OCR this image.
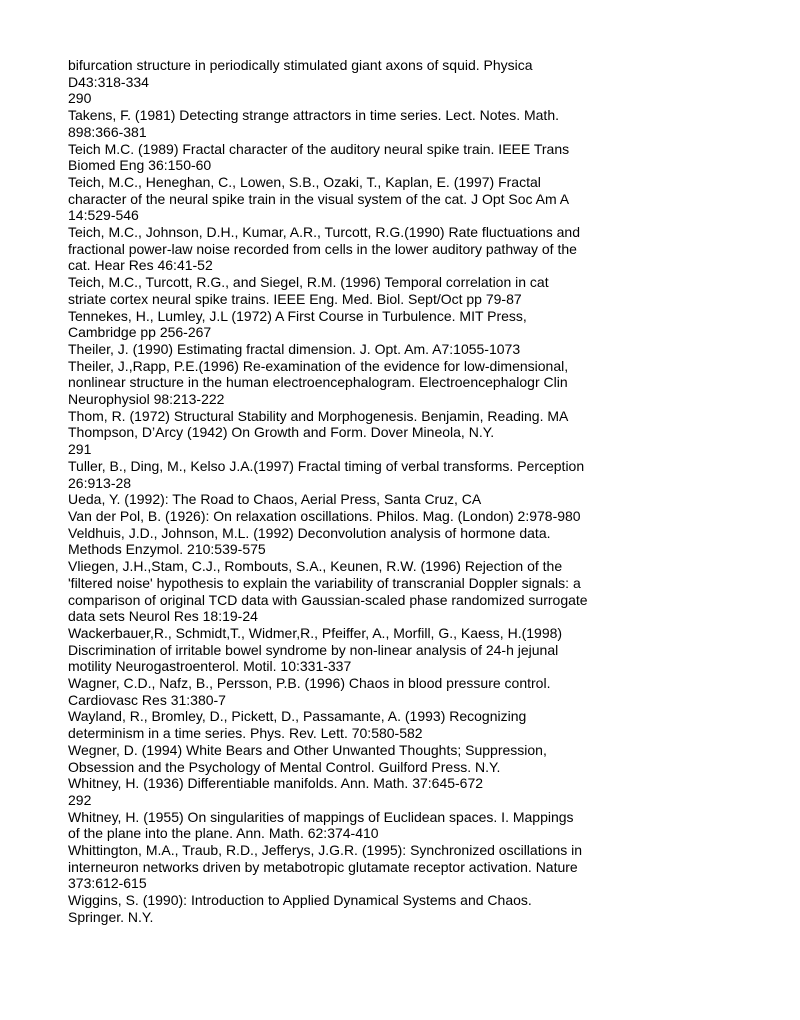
bifurcation structure in periodically stimulated giant axons of squid. Physica

D43:318-334

290

Takens, F. (1981) Detecting strange attractors in time series. Lect. Notes. Math.

898:366-381

Teich M.C. (1989) Fractal character of the auditory neural spike train. IEEE Trans

Biomed Eng 36:150-60

Teich, M.C., Heneghan, C., Lowen, S.B., Ozaki, T., Kaplan, E. (1997) Fractal

character of the neural spike train in the visual system of the cat. J Opt Soc Am A

14:529-546

Teich, M.C., Johnson, D.H., Kumar, A.R., Turcott, R.G.(1990) Rate fluctuations and

fractional power-law noise recorded from cells in the lower auditory pathway of the

cat. Hear Res 46:41-52

Teich, M.C., Turcott, R.G., and Siegel, R.M. (1996) Temporal correlation in cat

striate cortex neural spike trains. IEEE Eng. Med. Biol. Sept/Oct pp 79-87

Tennekes, H., Lumley, J.L (1972) A First Course in Turbulence. MIT Press,

Cambridge pp 256-267

Theiler, J. (1990) Estimating fractal dimension. J. Opt. Am. A7:1055-1073

Theiler, J.,Rapp, P.E.(1996) Re-examination of the evidence for low-dimensional,

nonlinear structure in the human electroencephalogram. Electroencephalogr Clin

Neurophysiol 98:213-222

Thom, R. (1972) Structural Stability and Morphogenesis. Benjamin, Reading. MA

Thompson, D’Arcy (1942) On Growth and Form. Dover Mineola, N.Y.

291

Tuller, B., Ding, M., Kelso J.A.(1997) Fractal timing of verbal transforms. Perception

26:913-28

Ueda, Y. (1992): The Road to Chaos, Aerial Press, Santa Cruz, CA

Van der Pol, B. (1926): On relaxation oscillations. Philos. Mag. (London) 2:978-980

Veldhuis, J.D., Johnson, M.L. (1992) Deconvolution analysis of hormone data.

Methods Enzymol. 210:539-575

Vliegen, J.H.,Stam, C.J., Rombouts, S.A., Keunen, R.W. (1996) Rejection of the

'filtered noise' hypothesis to explain the variability of transcranial Doppler signals: a

comparison of original TCD data with Gaussian-scaled phase randomized surrogate

data sets Neurol Res 18:19-24

Wackerbauer,R., Schmidt,T., Widmer,R., Pfeiffer, A., Morfill, G., Kaess, H.(1998)

Discrimination of irritable bowel syndrome by non-linear analysis of 24-h jejunal

motility Neurogastroenterol. Motil. 10:331-337

Wagner, C.D., Nafz, B., Persson, P.B. (1996) Chaos in blood pressure control.

Cardiovasc Res 31:380-7

Wayland, R., Bromley, D., Pickett, D., Passamante, A. (1993) Recognizing

determinism in a time series. Phys. Rev. Lett. 70:580-582

Wegner, D. (1994) White Bears and Other Unwanted Thoughts; Suppression,

Obsession and the Psychology of Mental Control. Guilford Press. N.Y.

Whitney, H. (1936) Differentiable manifolds. Ann. Math. 37:645-672

292

Whitney, H. (1955) On singularities of mappings of Euclidean spaces. I. Mappings

of the plane into the plane. Ann. Math. 62:374-410

Whittington, M.A., Traub, R.D., Jefferys, J.G.R. (1995): Synchronized oscillations in

interneuron networks driven by metabotropic glutamate receptor activation. Nature

373:612-615

Wiggins, S. (1990): Introduction to Applied Dynamical Systems and Chaos.

Springer. N.Y.
